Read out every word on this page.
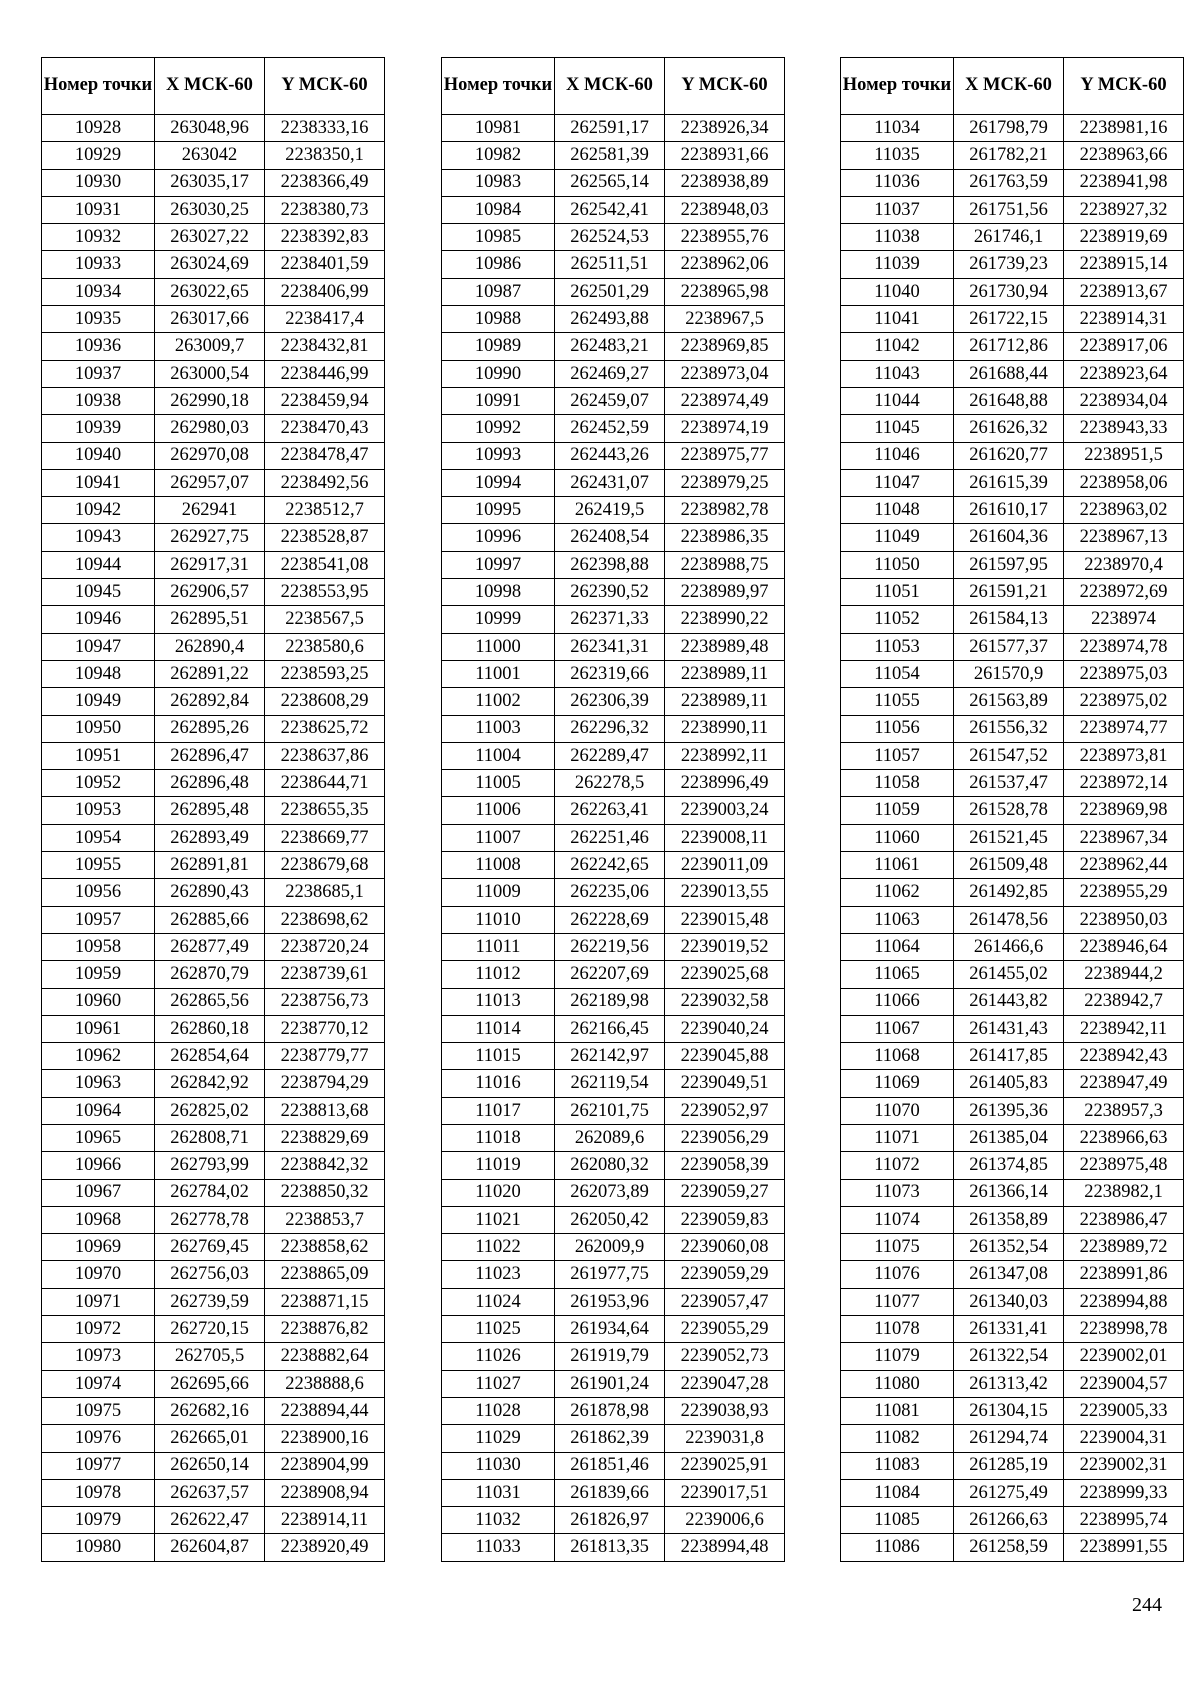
Номер точки	X МСК-60	Y МСК-60
10928	263048,96	2238333,16
10929	263042	2238350,1
10930	263035,17	2238366,49
10931	263030,25	2238380,73
10932	263027,22	2238392,83
10933	263024,69	2238401,59
10934	263022,65	2238406,99
10935	263017,66	2238417,4
10936	263009,7	2238432,81
10937	263000,54	2238446,99
10938	262990,18	2238459,94
10939	262980,03	2238470,43
10940	262970,08	2238478,47
10941	262957,07	2238492,56
10942	262941	2238512,7
10943	262927,75	2238528,87
10944	262917,31	2238541,08
10945	262906,57	2238553,95
10946	262895,51	2238567,5
10947	262890,4	2238580,6
10948	262891,22	2238593,25
10949	262892,84	2238608,29
10950	262895,26	2238625,72
10951	262896,47	2238637,86
10952	262896,48	2238644,71
10953	262895,48	2238655,35
10954	262893,49	2238669,77
10955	262891,81	2238679,68
10956	262890,43	2238685,1
10957	262885,66	2238698,62
10958	262877,49	2238720,24
10959	262870,79	2238739,61
10960	262865,56	2238756,73
10961	262860,18	2238770,12
10962	262854,64	2238779,77
10963	262842,92	2238794,29
10964	262825,02	2238813,68
10965	262808,71	2238829,69
10966	262793,99	2238842,32
10967	262784,02	2238850,32
10968	262778,78	2238853,7
10969	262769,45	2238858,62
10970	262756,03	2238865,09
10971	262739,59	2238871,15
10972	262720,15	2238876,82
10973	262705,5	2238882,64
10974	262695,66	2238888,6
10975	262682,16	2238894,44
10976	262665,01	2238900,16
10977	262650,14	2238904,99
10978	262637,57	2238908,94
10979	262622,47	2238914,11
10980	262604,87	2238920,49
Номер точки	X МСК-60	Y МСК-60
10981	262591,17	2238926,34
10982	262581,39	2238931,66
10983	262565,14	2238938,89
10984	262542,41	2238948,03
10985	262524,53	2238955,76
10986	262511,51	2238962,06
10987	262501,29	2238965,98
10988	262493,88	2238967,5
10989	262483,21	2238969,85
10990	262469,27	2238973,04
10991	262459,07	2238974,49
10992	262452,59	2238974,19
10993	262443,26	2238975,77
10994	262431,07	2238979,25
10995	262419,5	2238982,78
10996	262408,54	2238986,35
10997	262398,88	2238988,75
10998	262390,52	2238989,97
10999	262371,33	2238990,22
11000	262341,31	2238989,48
11001	262319,66	2238989,11
11002	262306,39	2238989,11
11003	262296,32	2238990,11
11004	262289,47	2238992,11
11005	262278,5	2238996,49
11006	262263,41	2239003,24
11007	262251,46	2239008,11
11008	262242,65	2239011,09
11009	262235,06	2239013,55
11010	262228,69	2239015,48
11011	262219,56	2239019,52
11012	262207,69	2239025,68
11013	262189,98	2239032,58
11014	262166,45	2239040,24
11015	262142,97	2239045,88
11016	262119,54	2239049,51
11017	262101,75	2239052,97
11018	262089,6	2239056,29
11019	262080,32	2239058,39
11020	262073,89	2239059,27
11021	262050,42	2239059,83
11022	262009,9	2239060,08
11023	261977,75	2239059,29
11024	261953,96	2239057,47
11025	261934,64	2239055,29
11026	261919,79	2239052,73
11027	261901,24	2239047,28
11028	261878,98	2239038,93
11029	261862,39	2239031,8
11030	261851,46	2239025,91
11031	261839,66	2239017,51
11032	261826,97	2239006,6
11033	261813,35	2238994,48
Номер точки	X МСК-60	Y МСК-60
11034	261798,79	2238981,16
11035	261782,21	2238963,66
11036	261763,59	2238941,98
11037	261751,56	2238927,32
11038	261746,1	2238919,69
11039	261739,23	2238915,14
11040	261730,94	2238913,67
11041	261722,15	2238914,31
11042	261712,86	2238917,06
11043	261688,44	2238923,64
11044	261648,88	2238934,04
11045	261626,32	2238943,33
11046	261620,77	2238951,5
11047	261615,39	2238958,06
11048	261610,17	2238963,02
11049	261604,36	2238967,13
11050	261597,95	2238970,4
11051	261591,21	2238972,69
11052	261584,13	2238974
11053	261577,37	2238974,78
11054	261570,9	2238975,03
11055	261563,89	2238975,02
11056	261556,32	2238974,77
11057	261547,52	2238973,81
11058	261537,47	2238972,14
11059	261528,78	2238969,98
11060	261521,45	2238967,34
11061	261509,48	2238962,44
11062	261492,85	2238955,29
11063	261478,56	2238950,03
11064	261466,6	2238946,64
11065	261455,02	2238944,2
11066	261443,82	2238942,7
11067	261431,43	2238942,11
11068	261417,85	2238942,43
11069	261405,83	2238947,49
11070	261395,36	2238957,3
11071	261385,04	2238966,63
11072	261374,85	2238975,48
11073	261366,14	2238982,1
11074	261358,89	2238986,47
11075	261352,54	2238989,72
11076	261347,08	2238991,86
11077	261340,03	2238994,88
11078	261331,41	2238998,78
11079	261322,54	2239002,01
11080	261313,42	2239004,57
11081	261304,15	2239005,33
11082	261294,74	2239004,31
11083	261285,19	2239002,31
11084	261275,49	2238999,33
11085	261266,63	2238995,74
11086	261258,59	2238991,55
244
